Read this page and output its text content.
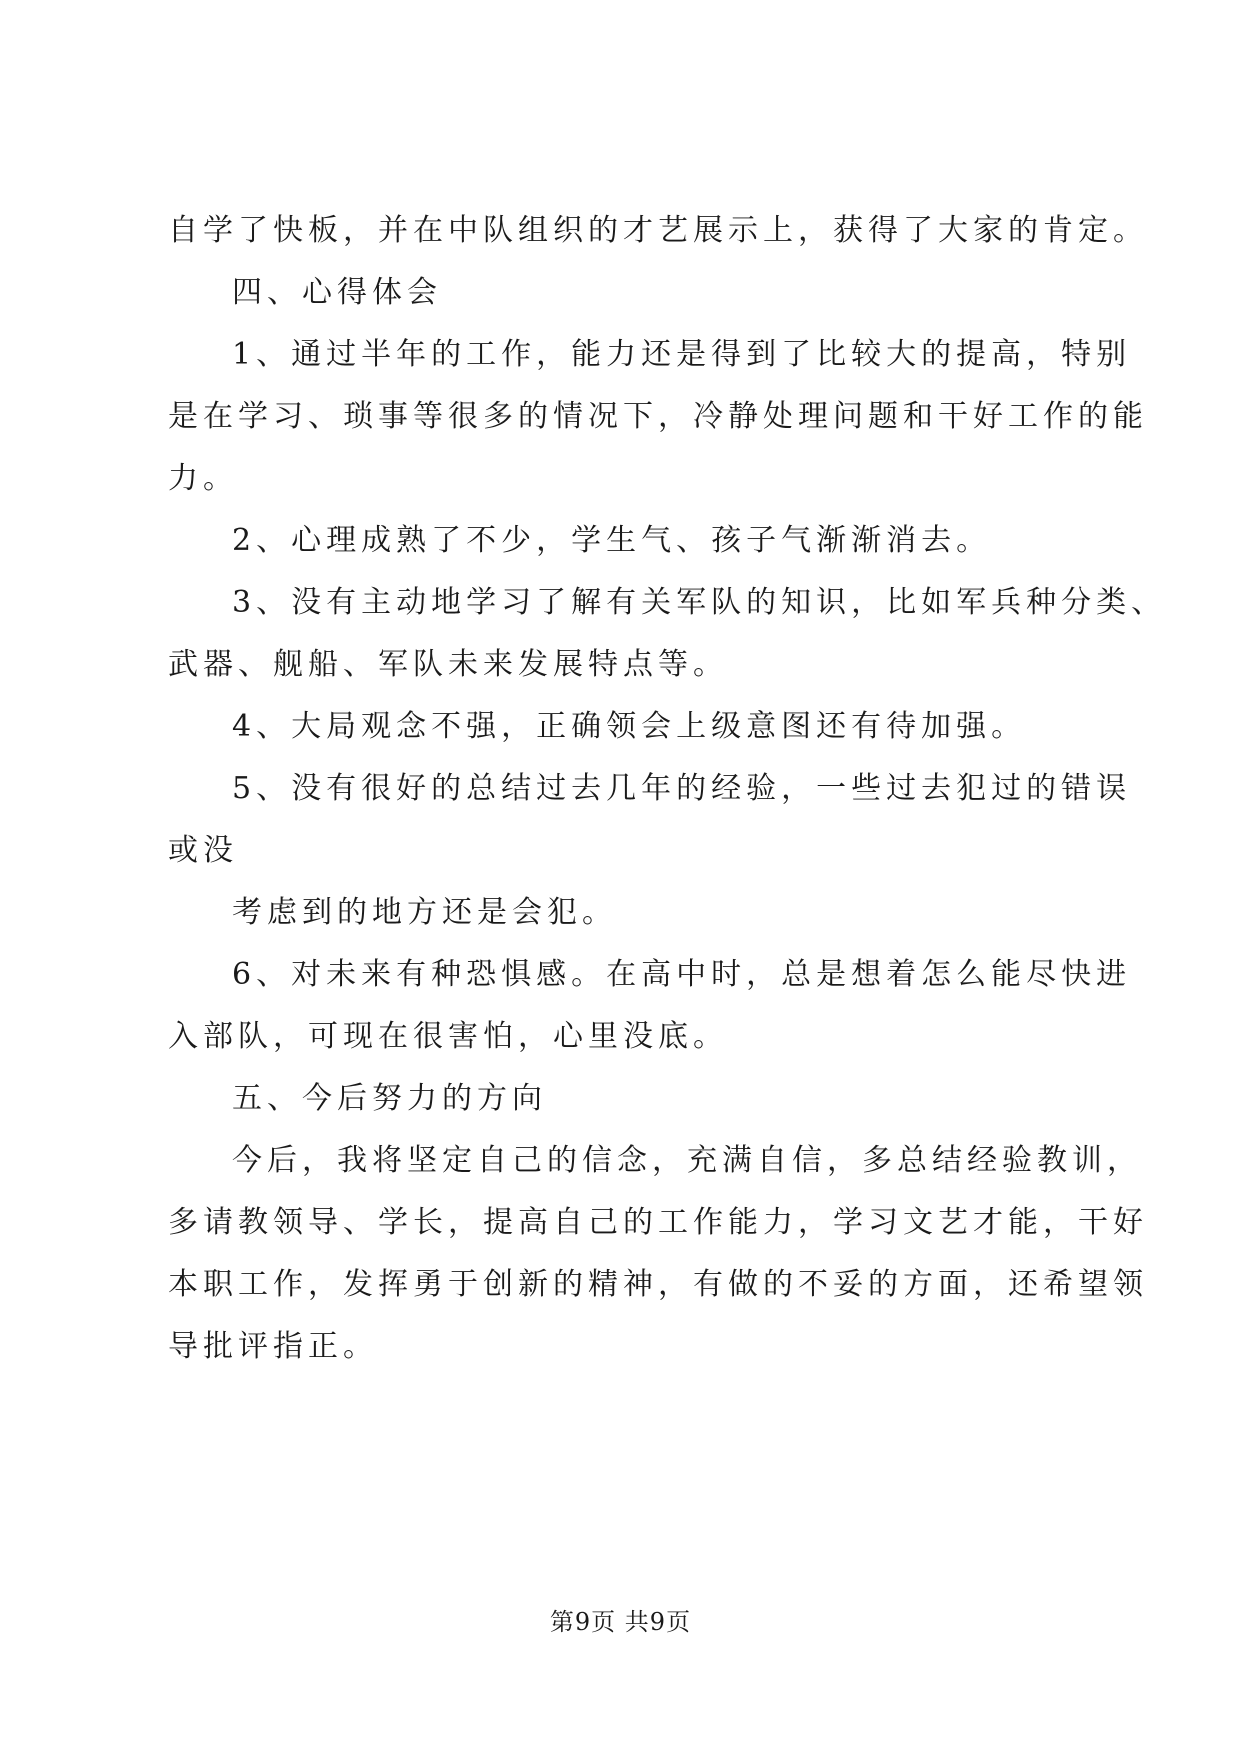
自学了快板，并在中队组织的才艺展示上，获得了大家的肯定。
四、心得体会
1、通过半年的工作，能力还是得到了比较大的提高，特别
是在学习、琐事等很多的情况下，冷静处理问题和干好工作的能
力。
2、心理成熟了不少，学生气、孩子气渐渐消去。
3、没有主动地学习了解有关军队的知识，比如军兵种分类、
武器、舰船、军队未来发展特点等。
4、大局观念不强，正确领会上级意图还有待加强。
5、没有很好的总结过去几年的经验，一些过去犯过的错误
或没
考虑到的地方还是会犯。
6、对未来有种恐惧感。在高中时，总是想着怎么能尽快进
入部队，可现在很害怕，心里没底。
五、今后努力的方向
今后，我将坚定自己的信念，充满自信，多总结经验教训，
多请教领导、学长，提高自己的工作能力，学习文艺才能，干好
本职工作，发挥勇于创新的精神，有做的不妥的方面，还希望领
导批评指正。
第9页 共9页
